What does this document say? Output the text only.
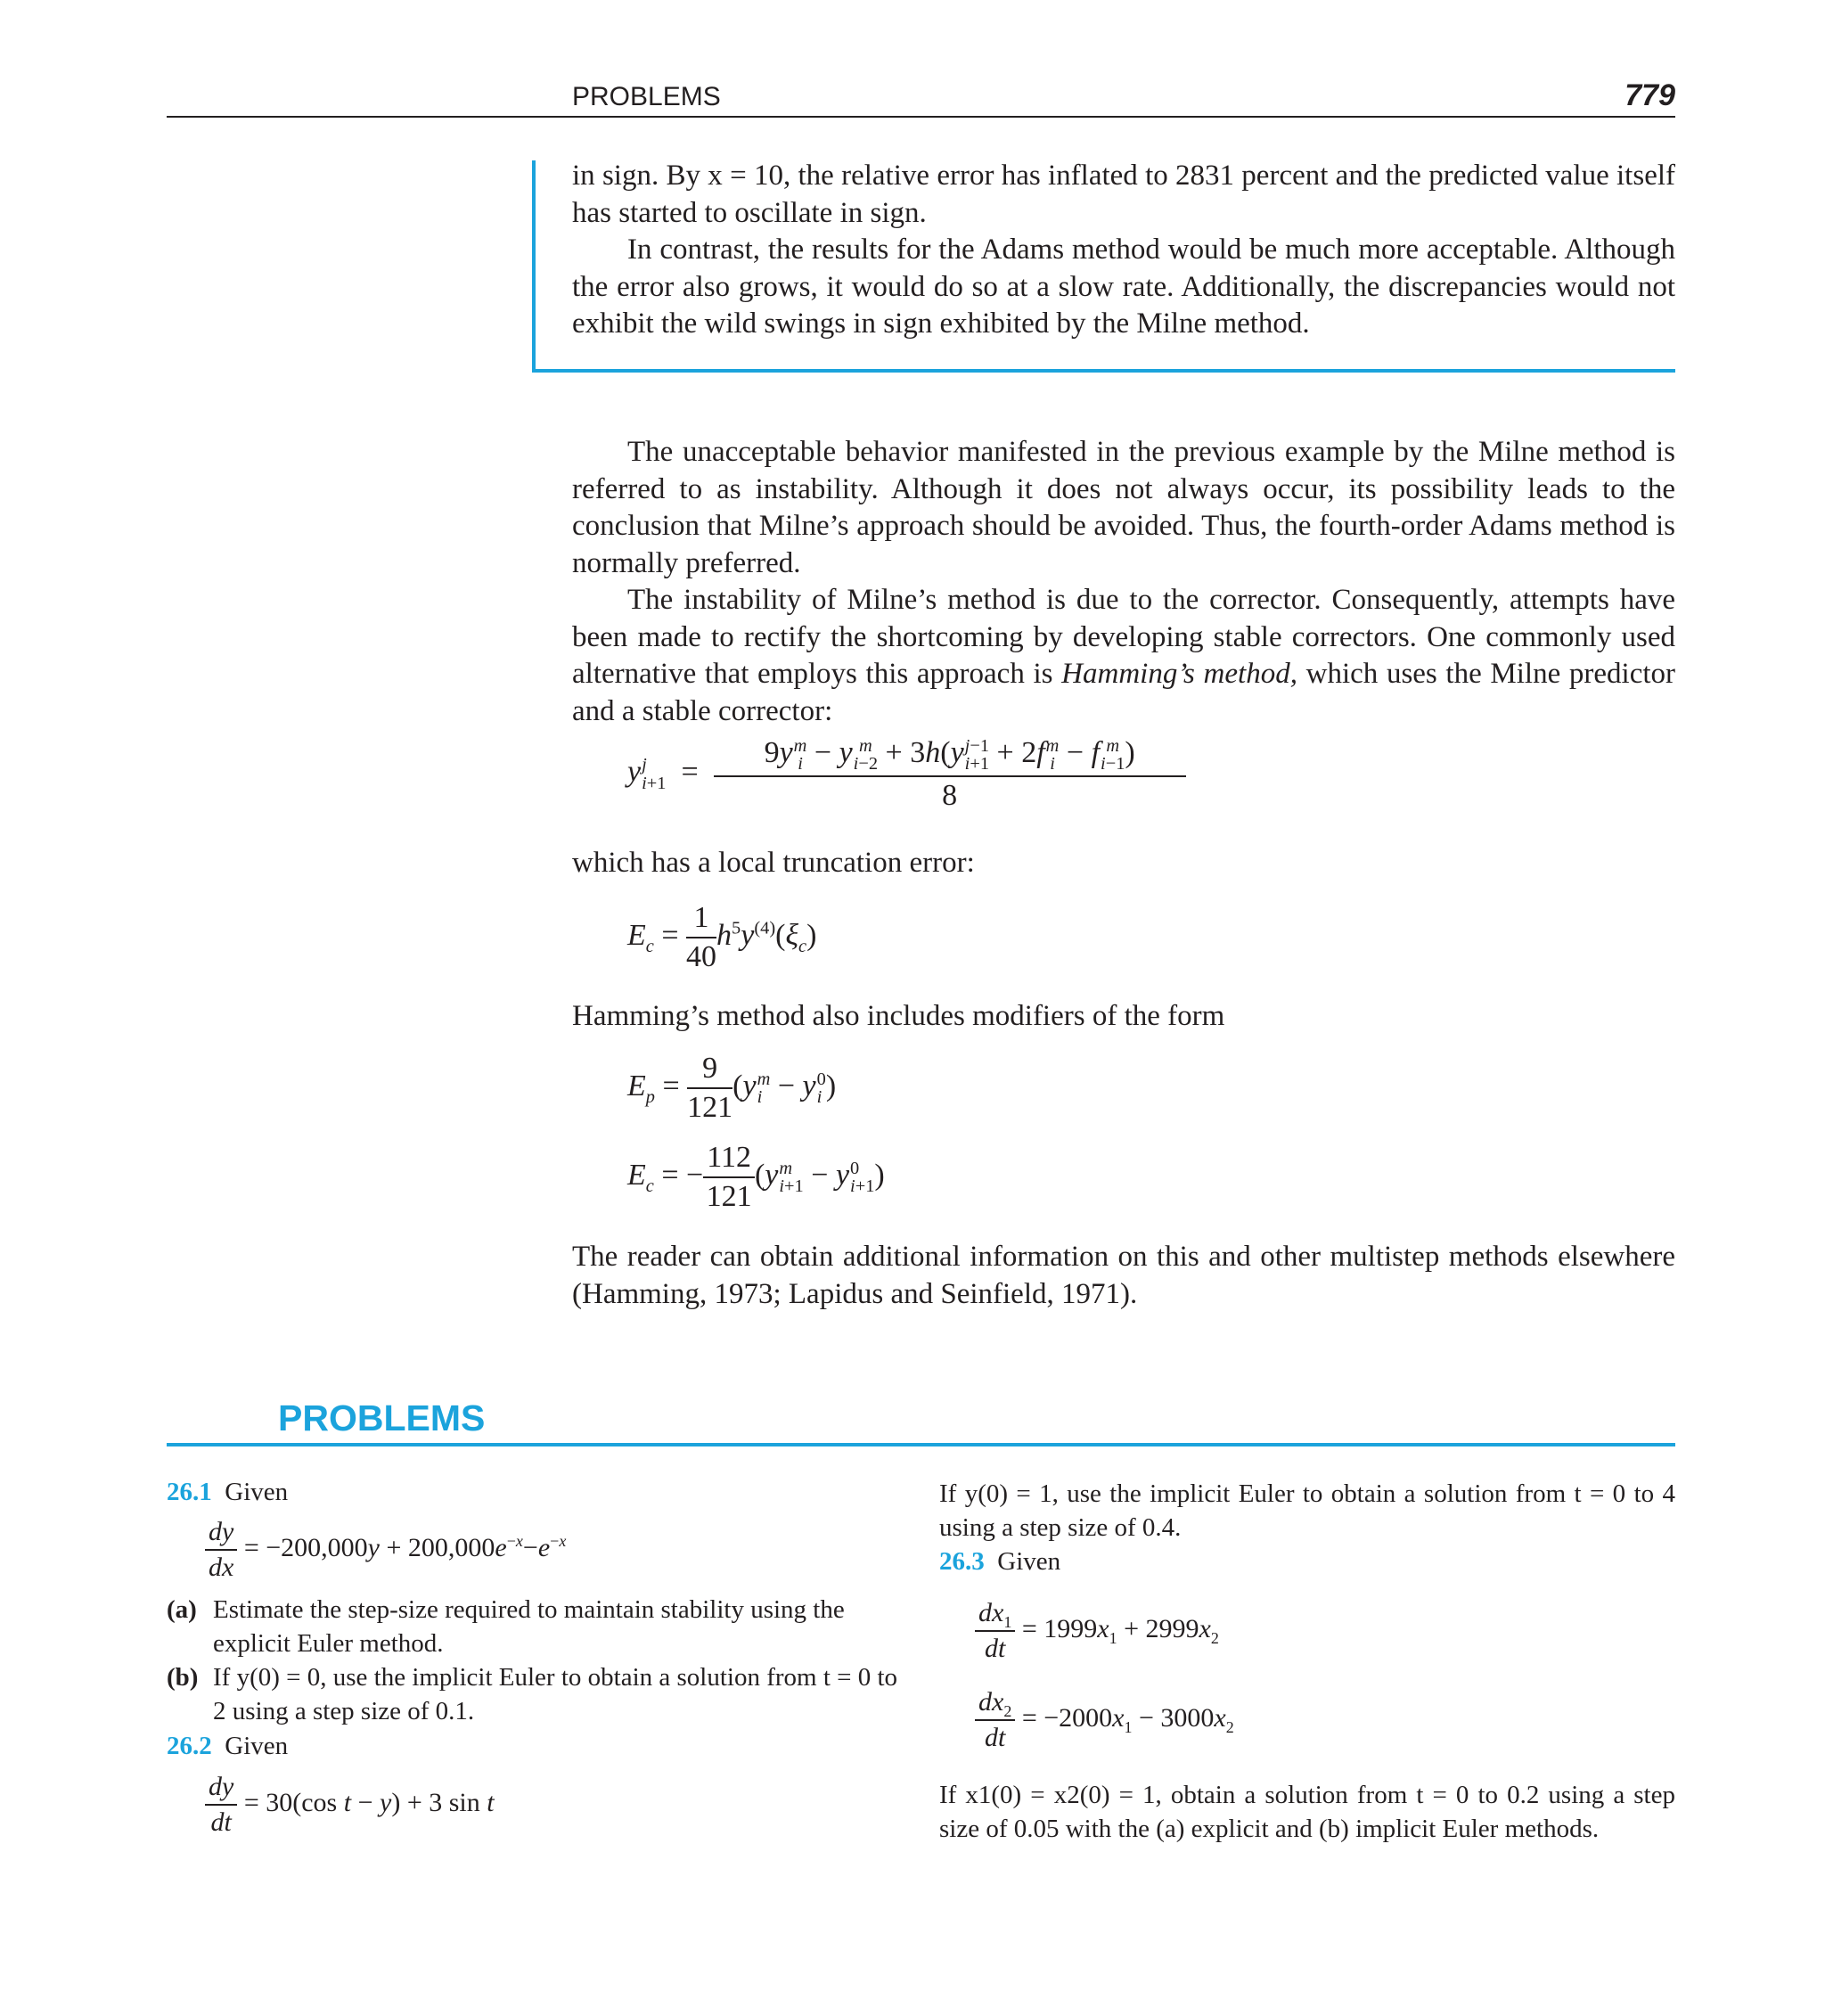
PROBLEMS	779
in sign. By x = 10, the relative error has inflated to 2831 percent and the predicted value itself has started to oscillate in sign.
In contrast, the results for the Adams method would be much more acceptable. Although the error also grows, it would do so at a slow rate. Additionally, the discrepancies would not exhibit the wild swings in sign exhibited by the Milne method.
The unacceptable behavior manifested in the previous example by the Milne method is referred to as instability. Although it does not always occur, its possibility leads to the conclusion that Milne’s approach should be avoided. Thus, the fourth-order Adams method is normally preferred.
The instability of Milne’s method is due to the corrector. Consequently, attempts have been made to rectify the shortcoming by developing stable correctors. One commonly used alternative that employs this approach is Hamming’s method, which uses the Milne predictor and a stable corrector:
y j
i+1 = 9y m
i − y m
i−2 + 3h(y j−1
i+1 + 2f m
i − f m
i−1 )
8
which has a local truncation error:
$E_c = \frac{1}{40} h^5y^{(4)}(\xi_c)$
Hamming’s method also includes modifiers of the form
$E_p = \frac{9}{121} (y$ m
i − y 0
i )
$E_c$ = − $\frac{112}{121} (y$ m
i+1 − y 0
i+1 )
The reader can obtain additional information on this and other multistep methods elsewhere (Hamming, 1973; Lapidus and Seinfield, 1971).
PROBLEMS
26.1 Given
$\frac{dy}{dx} = -200,000y + 200,000e^{-x}-e^{-x}$
(a) Estimate the step-size required to maintain stability using the explicit Euler method.
(b) If y(0) = 0, use the implicit Euler to obtain a solution from t = 0 to 2 using a step size of 0.1.
26.2 Given
$\frac{dy}{dt} = 30(\cos$ t − y) + 3 sin t
If y(0) = 1, use the implicit Euler to obtain a solution from t = 0 to 4 using a step size of 0.4.
26.3 Given
$\frac{dx_1}{dt} = 1999x_1 + 2999x_2$
$\frac{dx_2}{dt} = -2000x_1 - 3000x_2$
If x1(0) = x2(0) = 1, obtain a solution from t = 0 to 0.2 using a step size of 0.05 with the (a) explicit and (b) implicit Euler methods.
